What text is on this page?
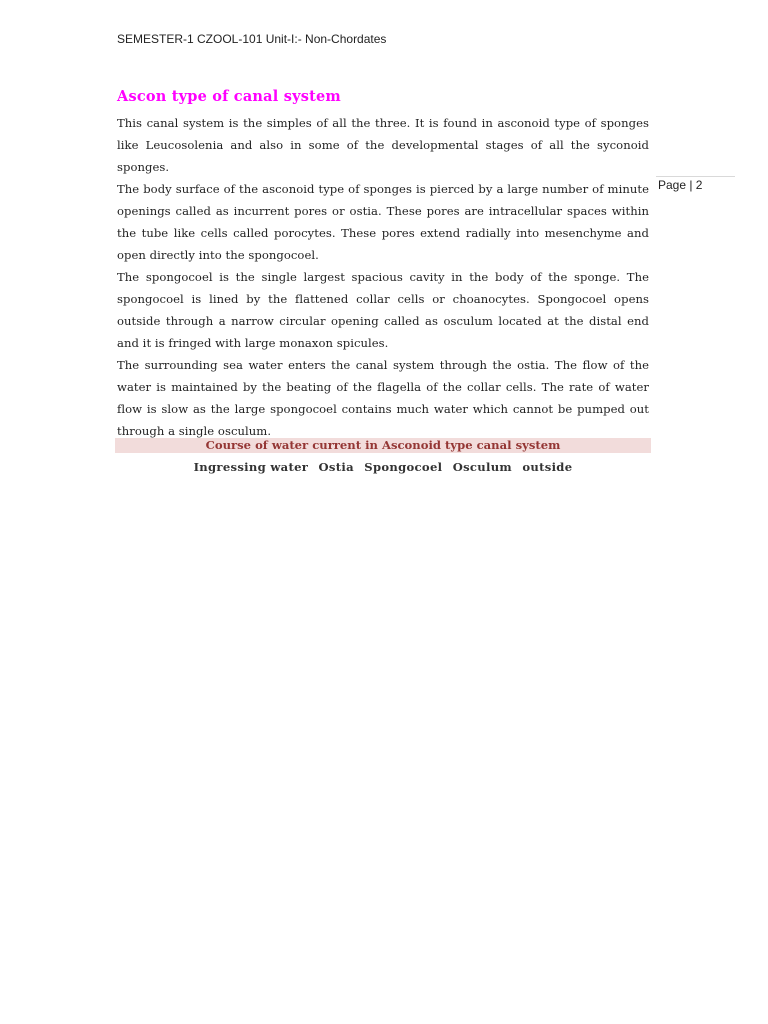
SEMESTER-1 CZOOL-101 Unit-I:- Non-Chordates
Page | 2
Ascon type of canal system

This canal system is the simples of all the three. It is found in asconoid type of sponges like Leucosolenia and also in some of the developmental stages of all the syconoid sponges.

The body surface of the asconoid type of sponges is pierced by a large number of minute openings called as incurrent pores or ostia. These pores are intracellular spaces within the tube like cells called porocytes. These pores extend radially into mesenchyme and open directly into the spongocoel.

The spongocoel is the single largest spacious cavity in the body of the sponge. The spongocoel is lined by the flattened collar cells or choanocytes. Spongocoel opens outside through a narrow circular opening called as osculum located at the distal end and it is fringed with large monaxon spicules.

The surrounding sea water enters the canal system through the ostia. The flow of the water is maintained by the beating of the flagella of the collar cells. The rate of water flow is slow as the large spongocoel contains much water which cannot be pumped out through a single osculum.

Course of water current in Asconoid type canal system
Ingressing water Ostia Spongocoel Osculum outside
